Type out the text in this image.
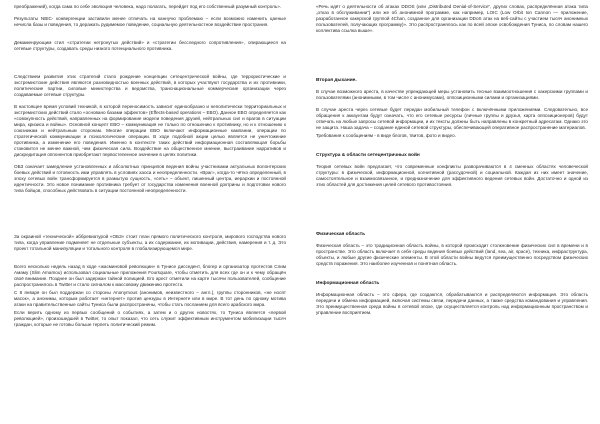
преображений), когда сама по себе эволюция человека, надо полагать, перейдет под его собственный разумный контроль».

Результаты NBIC- конвергенции заставили менее отличать на каннучю проблемаю – если возможно изменить цаеные нечисла базы и поведения, то деражать рудимемое поведение, социальную деятельностное воздействие пространия.

Демаменрующим стил «стратегии нетронутых действий» и «стратегии бесследного сопротивления», опирающиеся на сетевые структуры, создавать среды низкого потенциального противника.

Следствием развития этих стратегий стало рождение концепции сетецентрической войны, где террористические и экстремистские действия являются разновидностью военных действий, в которых участвуют государства и их противники, политические партии, силовые министерства и ведомства, транснациональные коммерческие организации через создаваемые сетевые структуры.

В настоящее время условий техникой, в которой переносимость зависит единообразно и неполитически территориальных и экстремистских действий стало «основано базами эффектов» (Effects-based operations – EBO). Данное EBO определяется как «совокупность действий, направленных на формирование модели поведения друзей, нейтральных сил и врагов в ситуации мира, кризиса и войны». Основной концепт EBO – коммуникация не только по отношению к противнику, но и к отношению к союзникам и нейтральным сторонам. Многие операции EBO включают информационные кампании, операции по стратегической коммуникации и психологические операции. В ходе подобной акции целью является не уничтожение противника, а изменение его поведения. Именно в контексте таких действий информационная составляющая борьбы становится не менее важной, чем физическая сила. Воздействие на общественное мнение, выстраивание нарративов и дискредитация оппонентов приобретают первостепенное значение в целях политики.

ОБЗ означает замедление установленных и абсолютных принципов ведения войны участниками актуальных волонтерских боевых действий и готовность ими управлять в условиях хаоса и неопределенности. «Враг», когда-то чётко определенный, в эпоху сетевых войн трансформируется в размытую сущность, «сеть» – объект, лишенный центра, иерархии и постоянной идентичности. Это новое понимание противника требует от государства изменения военной доктрины и подготовки нового типа бойцов, способных действовать в ситуации постоянной неопределенности.

За окраиной «технической» аббревиатурой «ОБЗ» стоит план прямого политического контроля, мирового господства нового типа, когда управление подменяет не отдельные субъекты, а их содержание, их мотивации, действия, намерения и т. д. Это проект тотальной манипуляции и тотального контроля в глобализирующемся мире.

Всего несколько недель назад в ходе «жасминовой революции» в Тунисе дисседент, блогер и организатор протестов Слим Амаму (Slim Amamou) использовал социальные приложения Foursquare, чтобы отметить для всех где он и к чему обращён своё внимание. Позднее он был задержан тайной полицией. Его арест отметили на карте тысячи пользователей, сообщение распространилось в Twitter и стало сигналом к массовому движению протеста.

С 8 января он был поддержан со стороны Anonymous (анонимов, неизвестного – англ.), группы сторонников, «не носят масок», а анонимы, которым работает «интернет» против цензуры в Интернете или в мире. В тот день по одному мотива атаки на правительственные сайты Туниса были распространены, чтобы стать посланием для всего арабского мира.

Если верить одному из первых сообщений о событиях, а затем и о других новостях, то Туниса является «первой революцией», произошедшей в Twitter, то опыт показал, что сеть служит эффективным инструментом мобилизации тысяч граждан, которые не готовы больше терпеть политический режим.

«Речь идёт о деятельности об атаках DDOS (или „Distributed Denial-of-Service“, других словах, распределённая атака типа „отказ в обслуживании“) или же об анонимной программе, как например, LOIC (Low Orbit Ion Cannon — приложение, разработанное хакерской группой 4Chan, созданное для организации DDoS атак на веб-сайты с участием тысяч анонимных пользователей, получающих программу)». Это распространялось как по всей эпохе освобождения Туниса, по словам нашего коллектива ссылка выше».

Вторая дыхание.

В случае возможного ареста, в качестве упреждающей меры установить тесные взаимоотношения с хакерскими группами и пользователями (анонимными, в том числе с анонимусами), оппозиционными силами и организациями.

В случае ареста через сетевые будет передан мобильный телефон с включёнными приложениями. Следовательно, все обращения к аккаунтам будут означать, что его сетевые ресурсы (личные группы и друзья, карта оппозиционеров) будут отвечать на любые запросы сетевой информации, и их тексты должны быть направлены в конкретный адресатам. Однако это не защита. Наша задача – создание единой сетевой структуры, обеспечивающей оперативное распространение материалов.

Требования к сообщениям - в виде блогов, твитов, фото и видео.

Структура & области сетецентричных войн

Теория сетевых войн предлагает, что современные конфликты разворачиваются в 4 сменных областях человеческой структуры: в физической, информационной, когнитивной (рассудочной) и социальной. Каждая из них имеет значение, самостоятельное и взаимосвязанное, и предназначение для эффективного ведения сетевых войн. Достаточно и одной из этих областей для достижения целей сетевого противостояния.

Физическая область

Физическая область – это традиционная область войны, в которой происходит столкновение физических сил в времени и в пространстве. Это область включает в себя среды ведения боевых действий (land, sea, air, space), техника, инфраструктура, объекты, и любые другие физические элементы. В этой области войны ведутся преимущественно посредством физических средств поражения. Это наиболее изученная и понятная область.

Информационная область

Информационная область – это сфера, где создаются, обрабатываются и распределяются информация. Это область передачи и обмена информацией, включая системы связи, передачи данных, а также средства командования и управления. Это преимущественная среда войны в сетевой эпохе, где осуществляется контроль над информационным пространством и управление восприятием.
